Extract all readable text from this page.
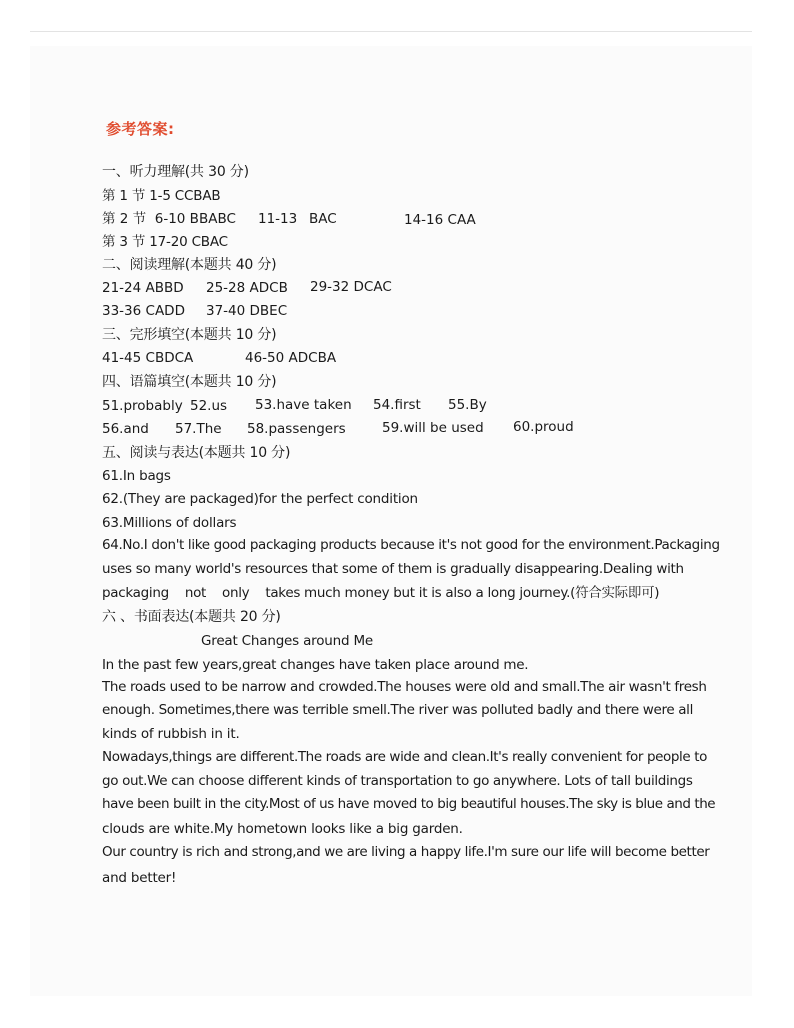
参考答案:
一、听力理解(共 30 分)
第 1 节 1-5 CCBAB
第 2 节  6-10 BBABC 11-13 BAC	14-16 CAA
第 3 节 17-20 CBAC
二、阅读理解(本题共 40 分)
21-24 ABBD 25-28 ADCB 29-32 DCAC
33-36 CADD 37-40 DBEC
三、完形填空(本题共 10 分)
41-45 CBDCA	46-50 ADCBA
四、语篇填空(本题共 10 分)
51.probably 52.us 53.have taken 54.first 55.By
56.and 57.The 58.passengers	59.will be used 60.proud
五、阅读与表达(本题共 10 分)
61.In bags
62.(They are packaged)for the perfect condition
63.Millions of dollars
64.No.I don't like good packaging products because it's not good for the environment.Packaging
uses so many world's resources that some of them is gradually disappearing.Dealing with
packaging    not    only    takes much money but it is also a long journey.(符合实际即可)
六 、书面表达(本题共 20 分)
Great Changes around Me
In the past few years,great changes have taken place around me.
The roads used to be narrow and crowded.The houses were old and small.The air wasn't fresh
enough. Sometimes,there was terrible smell.The river was polluted badly and there were all
kinds of rubbish in it.
Nowadays,things are different.The roads are wide and clean.It's really convenient for people to
go out.We can choose different kinds of transportation to go anywhere. Lots of tall buildings
have been built in the city.Most of us have moved to big beautiful houses.The sky is blue and the
clouds are white.My hometown looks like a big garden.
Our country is rich and strong,and we are living a happy life.I'm sure our life will become better
and better!
